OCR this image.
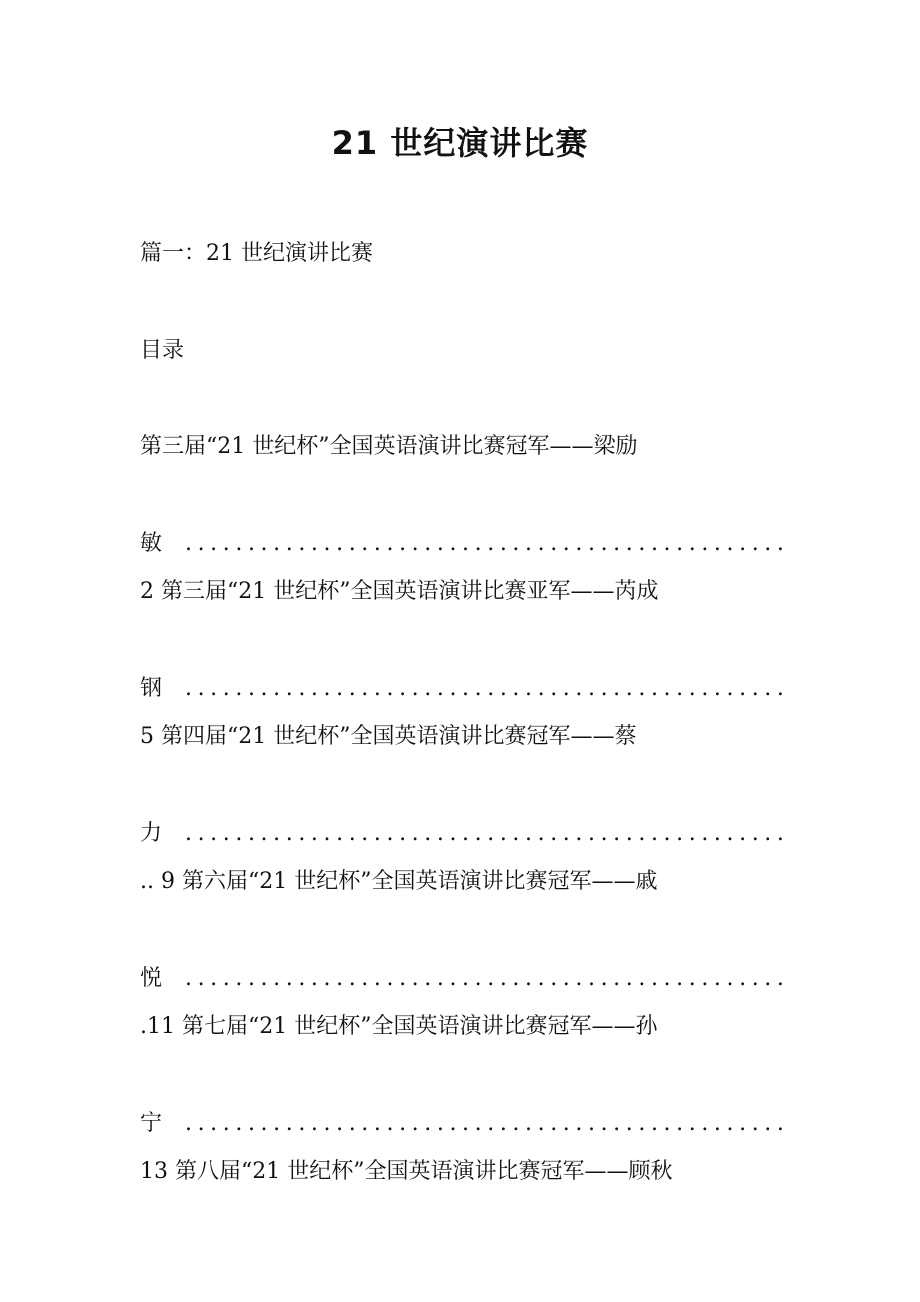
21 世纪演讲比赛
篇一：21 世纪演讲比赛
目录
第三届“21 世纪杯”全国英语演讲比赛冠军——梁励
敏 ................................................
2 第三届“21 世纪杯”全国英语演讲比赛亚军——芮成
钢 ................................................
5 第四届“21 世纪杯”全国英语演讲比赛冠军——蔡
力 ................................................
.. 9 第六届“21 世纪杯”全国英语演讲比赛冠军——戚
悦 ................................................
.11 第七届“21 世纪杯”全国英语演讲比赛冠军——孙
宁 ................................................
13 第八届“21 世纪杯”全国英语演讲比赛冠军——顾秋
